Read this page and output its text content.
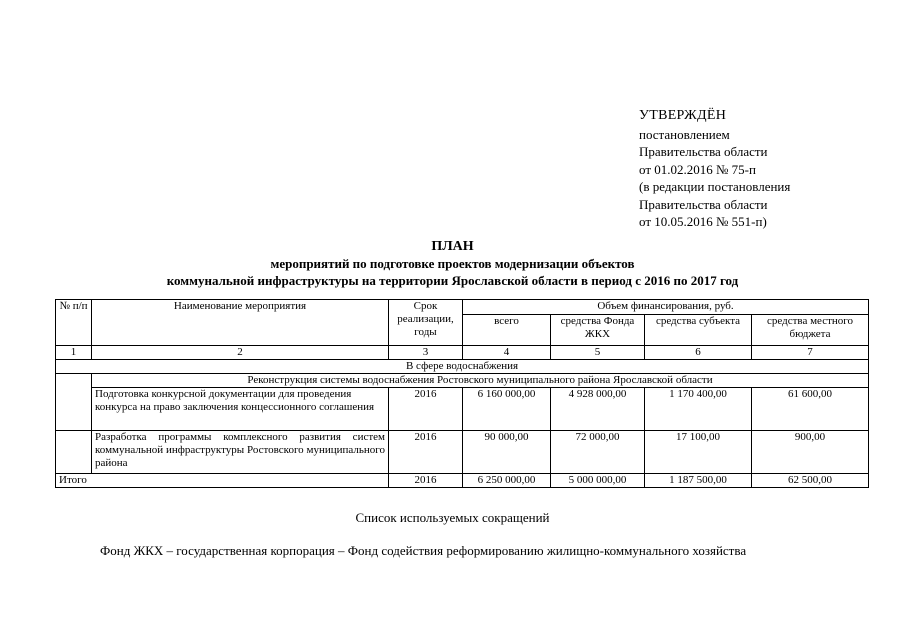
УТВЕРЖДЁН
постановлением
Правительства области
от 01.02.2016 № 75-п
(в редакции постановления
Правительства области
от 10.05.2016 № 551-п)
ПЛАН
мероприятий по подготовке проектов модернизации объектов
коммунальной инфраструктуры на территории Ярославской области в период с 2016 по 2017 год
№ п/п	Наименование мероприятия	Срок реализации, годы	Объем финансирования, руб.			
			всего	средства Фонда ЖКХ	средства субъекта	средства местного бюджета
1	2	3	4	5	6	7
В сфере водоснабжения						
	Реконструкция системы водоснабжения Ростовского муниципального района Ярославской области					
	Подготовка конкурсной документации для проведения конкурса на право заключения концессионного соглашения	2016	6 160 000,00	4 928 000,00	1 170 400,00	61 600,00
	Разработка программы комплексного развития систем коммунальной инфраструктуры Ростовского муниципального района	2016	90 000,00	72 000,00	17 100,00	900,00
Итого		2016	6 250 000,00	5 000 000,00	1 187 500,00	62 500,00
Список используемых сокращений
Фонд ЖКХ – государственная корпорация – Фонд содействия реформированию жилищно-коммунального хозяйства
